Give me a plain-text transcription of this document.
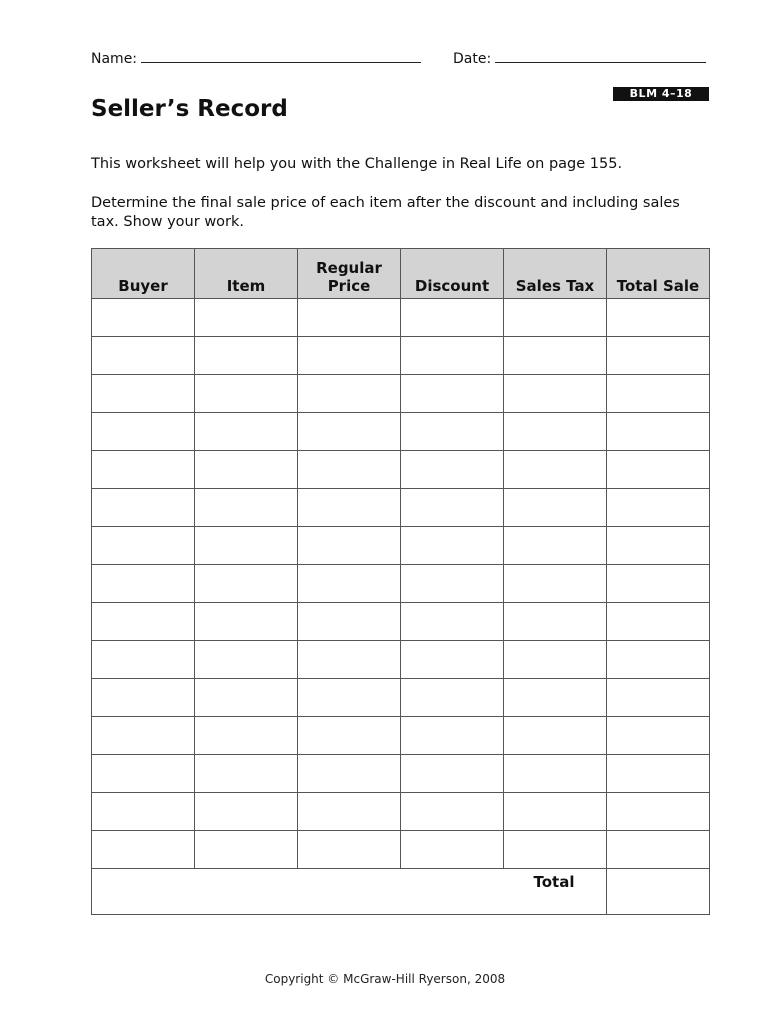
Name:	Date:
BLM 4–18
Seller’s Record
This worksheet will help you with the Challenge in Real Life on page 155.
Determine the final sale price of each item after the discount and including sales tax. Show your work.
Buyer	Item	Regular Price	Discount	Sales Tax	Total Sale

Total					
Copyright © McGraw-Hill Ryerson, 2008
